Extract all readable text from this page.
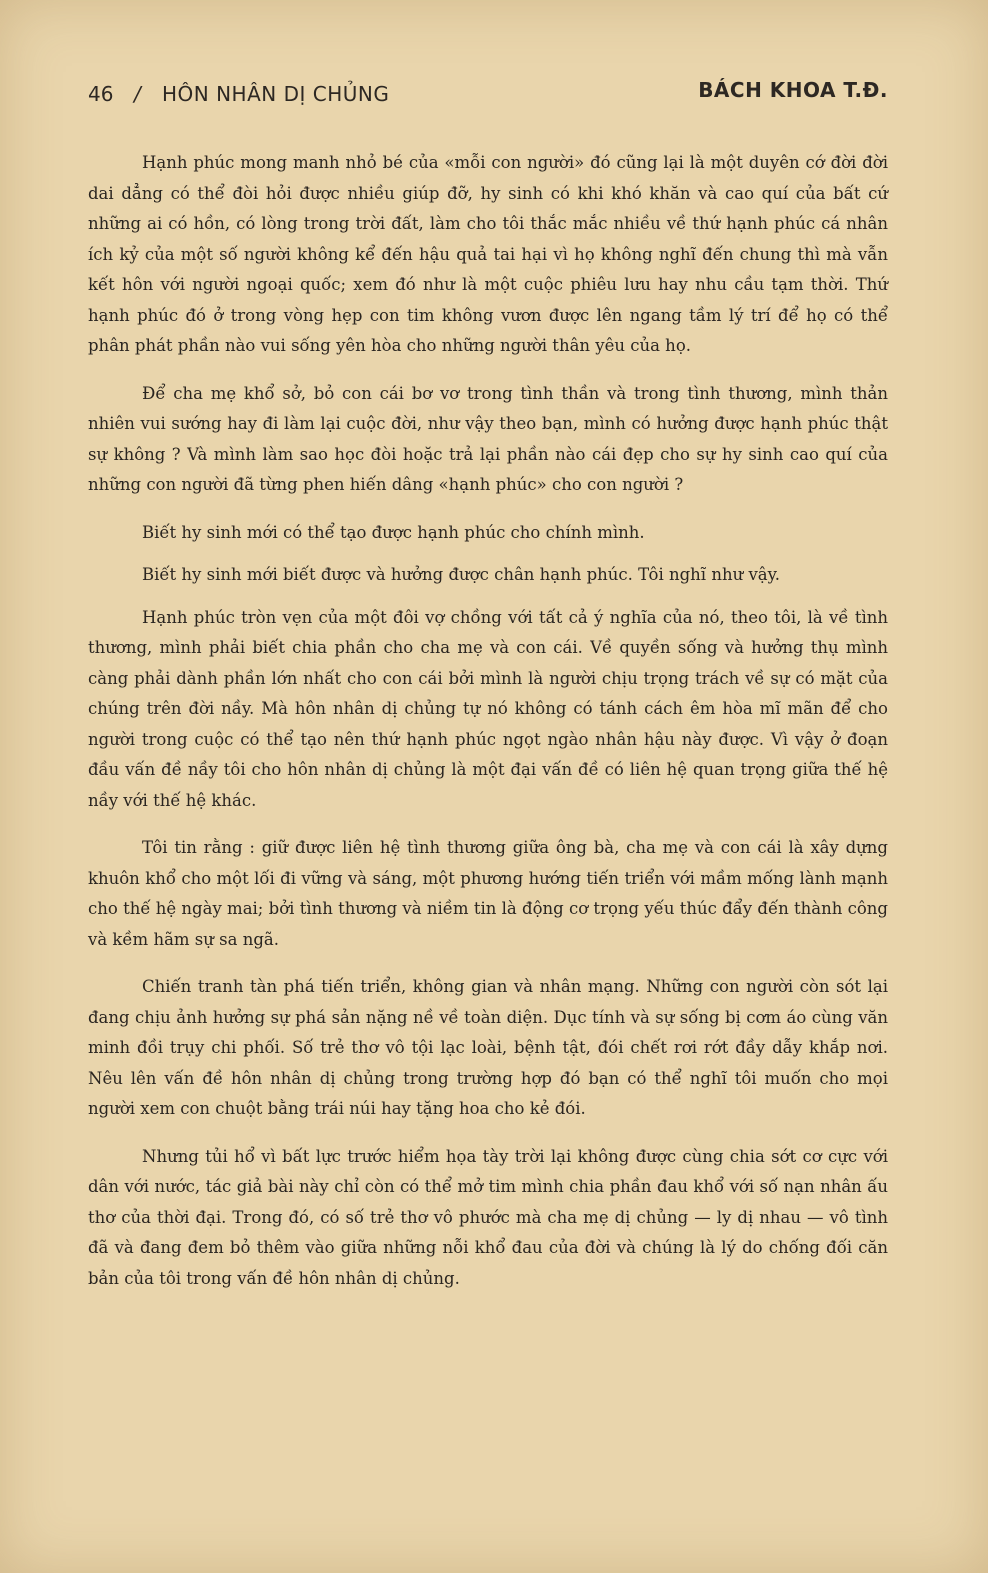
46 / HÔN NHÂN DỊ CHỦNG	BÁCH KHOA T.Đ.

Hạnh phúc mong manh nhỏ bé của «mỗi con người» đó cũng lại là một duyên cớ đời đời dai dẳng có thể đòi hỏi được nhiều giúp đỡ, hy sinh có khi khó khăn và cao quí của bất cứ những ai có hồn, có lòng trong trời đất, làm cho tôi thắc mắc nhiều về thứ hạnh phúc cá nhân ích kỷ của một số người không kể đến hậu quả tai hại vì họ không nghĩ đến chung thì mà vẫn kết hôn với người ngoại quốc; xem đó như là một cuộc phiêu lưu hay nhu cầu tạm thời. Thứ hạnh phúc đó ở trong vòng hẹp con tim không vươn được lên ngang tầm lý trí để họ có thể phân phát phần nào vui sống yên hòa cho những người thân yêu của họ.

Để cha mẹ khổ sở, bỏ con cái bơ vơ trong tình thần và trong tình thương, mình thản nhiên vui sướng hay đi làm lại cuộc đời, như vậy theo bạn, mình có hưởng được hạnh phúc thật sự không ? Và mình làm sao học đòi hoặc trả lại phần nào cái đẹp cho sự hy sinh cao quí của những con người đã từng phen hiến dâng «hạnh phúc» cho con người ?

Biết hy sinh mới có thể tạo được hạnh phúc cho chính mình.

Biết hy sinh mới biết được và hưởng được chân hạnh phúc. Tôi nghĩ như vậy.

Hạnh phúc tròn vẹn của một đôi vợ chồng với tất cả ý nghĩa của nó, theo tôi, là về tình thương, mình phải biết chia phần cho cha mẹ và con cái. Về quyền sống và hưởng thụ mình càng phải dành phần lớn nhất cho con cái bởi mình là người chịu trọng trách về sự có mặt của chúng trên đời nầy. Mà hôn nhân dị chủng tự nó không có tánh cách êm hòa mĩ mãn để cho người trong cuộc có thể tạo nên thứ hạnh phúc ngọt ngào nhân hậu này được. Vì vậy ở đoạn đầu vấn đề nầy tôi cho hôn nhân dị chủng là một đại vấn đề có liên hệ quan trọng giữa thế hệ nầy với thế hệ khác.

Tôi tin rằng : giữ được liên hệ tình thương giữa ông bà, cha mẹ và con cái là xây dựng khuôn khổ cho một lối đi vững và sáng, một phương hướng tiến triển với mầm mống lành mạnh cho thế hệ ngày mai; bởi tình thương và niềm tin là động cơ trọng yếu thúc đẩy đến thành công và kềm hãm sự sa ngã.

Chiến tranh tàn phá tiến triển, không gian và nhân mạng. Những con người còn sót lại đang chịu ảnh hưởng sự phá sản nặng nề về toàn diện. Dục tính và sự sống bị cơm áo cùng văn minh đồi trụy chi phối. Số trẻ thơ vô tội lạc loài, bệnh tật, đói chết rơi rớt đầy dẫy khắp nơi. Nêu lên vấn đề hôn nhân dị chủng trong trường hợp đó bạn có thể nghĩ tôi muốn cho mọi người xem con chuột bằng trái núi hay tặng hoa cho kẻ đói.

Nhưng tủi hổ vì bất lực trước hiểm họa tày trời lại không được cùng chia sớt cơ cực với dân với nước, tác giả bài này chỉ còn có thể mở tim mình chia phần đau khổ với số nạn nhân ấu thơ của thời đại. Trong đó, có số trẻ thơ vô phước mà cha mẹ dị chủng — ly dị nhau — vô tình đã và đang đem bỏ thêm vào giữa những nỗi khổ đau của đời và chúng là lý do chống đối căn bản của tôi trong vấn đề hôn nhân dị chủng.
